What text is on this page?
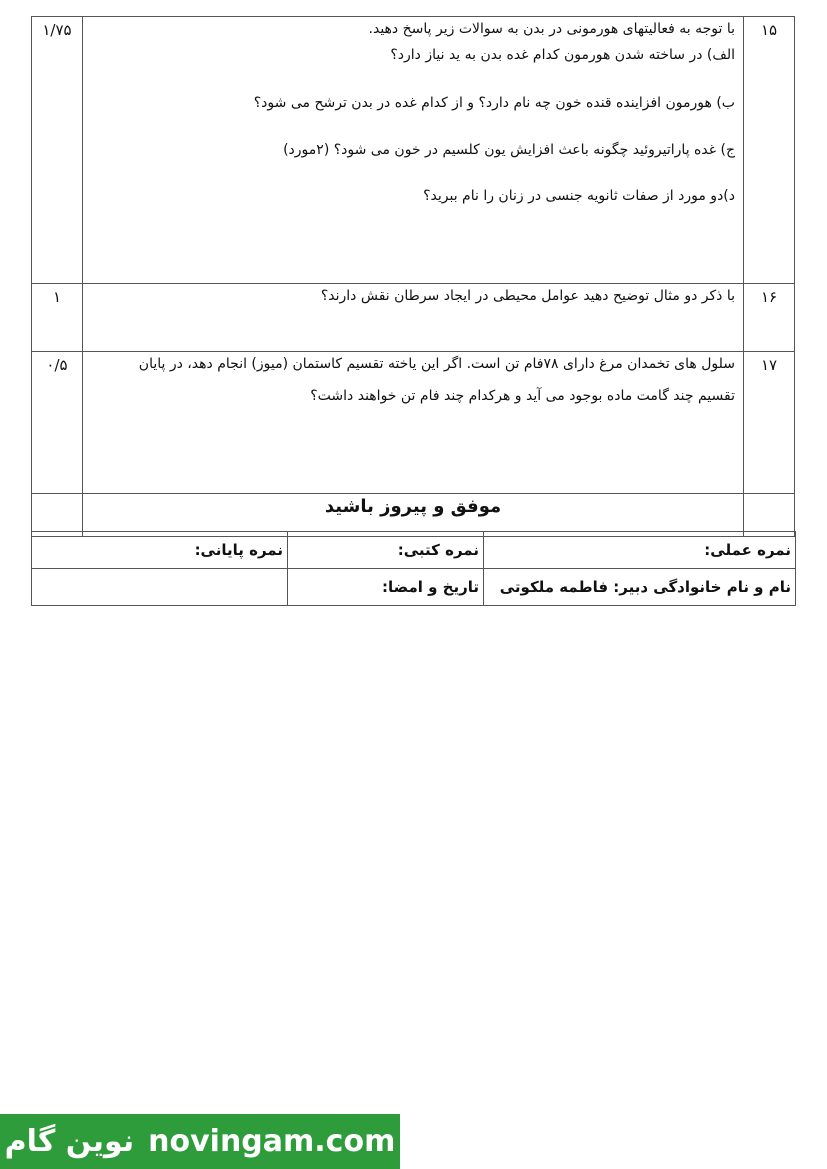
۱۵	با توجه به فعالیتهای هورمونی در بدن به سوالات زیر پاسخ دهید.
الف) در ساخته شدن هورمون کدام غده بدن به ید نیاز دارد؟
ب) هورمون افزاینده قنده خون چه نام دارد؟ و از کدام غده در بدن ترشح می شود؟
ج) غده پاراتیروئید چگونه باعث افزایش یون کلسیم در خون می شود؟ (۲مورد)
د)دو مورد از صفات ثانویه جنسی در زنان را نام ببرید؟	۱/۷۵
۱۶	با ذکر دو مثال توضیح دهید عوامل محیطی در ایجاد سرطان نقش دارند؟	۱
۱۷	سلول های تخمدان مرغ دارای ۷۸فام تن است. اگر این یاخته تقسیم کاستمان (میوز) انجام دهد، در پایان
تقسیم چند گامت ماده بوجود می آید و هرکدام چند فام تن خواهند داشت؟	۰/۵
	موفق و پیروز باشید	
نمره عملی:	نمره کتبی:	نمره پایانی:
نام و نام خانوادگی دبیر: فاطمه ملکوتی	تاریخ و امضا:	
نوین گام novingam.com
